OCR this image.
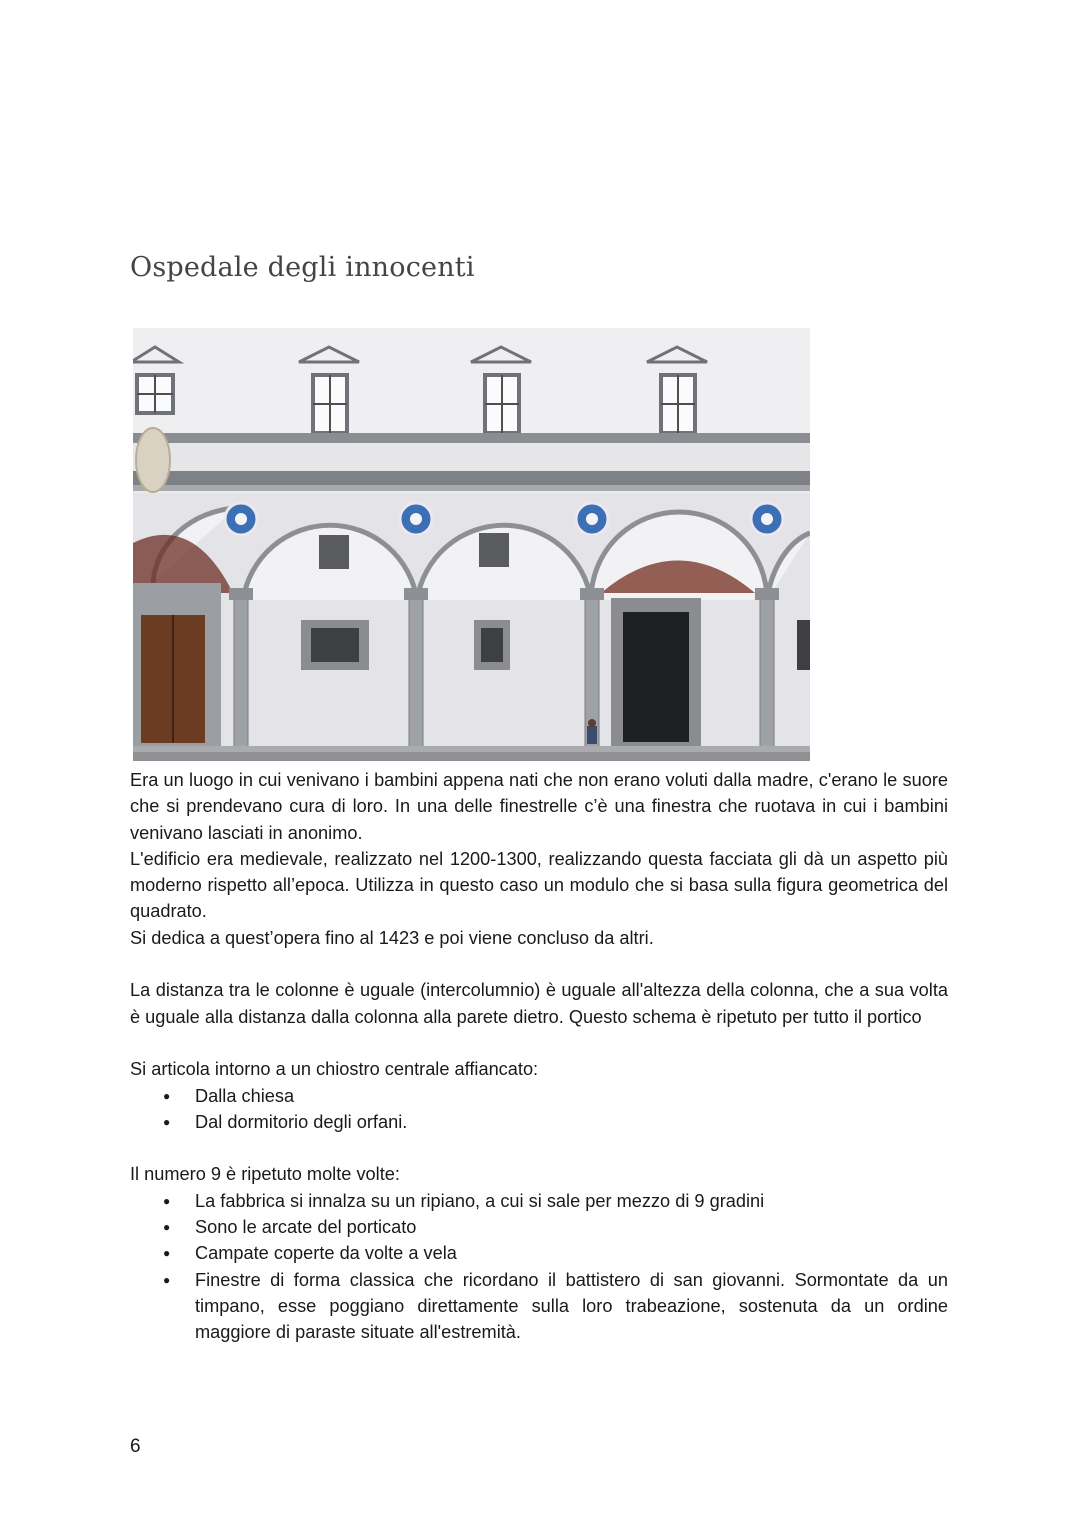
Ospedale degli innocenti

Era un luogo in cui venivano i bambini appena nati che non erano voluti dalla madre, c'erano le suore che si prendevano cura di loro. In una delle finestrelle c’è una finestra che ruotava in cui i bambini venivano lasciati in anonimo.

L'edificio era medievale, realizzato nel 1200-1300, realizzando questa facciata gli dà un aspetto più moderno rispetto all’epoca. Utilizza in questo caso un modulo che si basa sulla figura geometrica del quadrato.

Si dedica a quest’opera fino al 1423 e poi viene concluso da altri.

La distanza tra le colonne è uguale (intercolumnio) è uguale all'altezza della colonna, che a sua volta è uguale alla distanza dalla colonna alla parete dietro. Questo schema è ripetuto per tutto il portico

Si articola intorno a un chiostro centrale affiancato:

● Dalla chiesa
● Dal dormitorio degli orfani.

Il numero 9 è ripetuto molte volte:

● La fabbrica si innalza su un ripiano, a cui si sale per mezzo di 9 gradini
● Sono le arcate del porticato
● Campate coperte da volte a vela
● Finestre di forma classica che ricordano il battistero di san giovanni. Sormontate da un timpano, esse poggiano direttamente sulla loro trabeazione, sostenuta da un ordine maggiore di paraste situate all'estremità.
6
